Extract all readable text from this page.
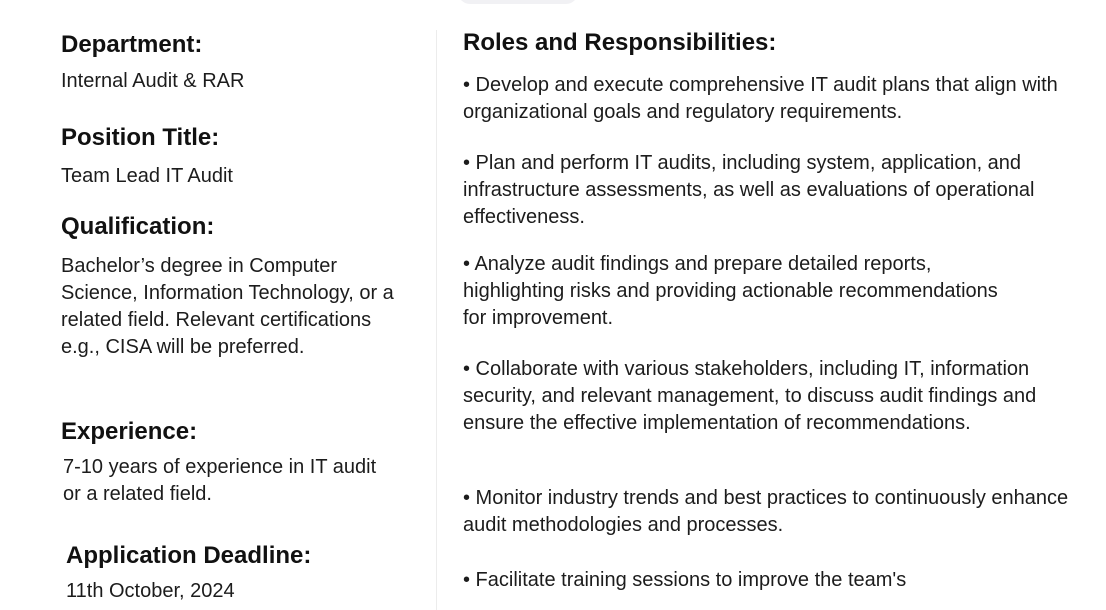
Department:
Internal Audit & RAR
Position Title:
Team Lead IT Audit
Qualification:
Bachelor’s degree in Computer Science, Information Technology, or a related field. Relevant certifications e.g., CISA will be preferred.
Experience:
7-10 years of experience in IT audit or a related field.
Application Deadline:
11th October, 2024
Roles and Responsibilities:
• Develop and execute comprehensive IT audit plans that align with organizational goals and regulatory requirements.
• Plan and perform IT audits, including system, application, and infrastructure assessments, as well as evaluations of operational effectiveness.
• Analyze audit findings and prepare detailed reports, highlighting risks and providing actionable recommendations for improvement.
• Collaborate with various stakeholders, including IT, information security, and relevant management, to discuss audit findings and ensure the effective implementation of recommendations.
• Monitor industry trends and best practices to continuously enhance audit methodologies and processes.
• Facilitate training sessions to improve the team's
